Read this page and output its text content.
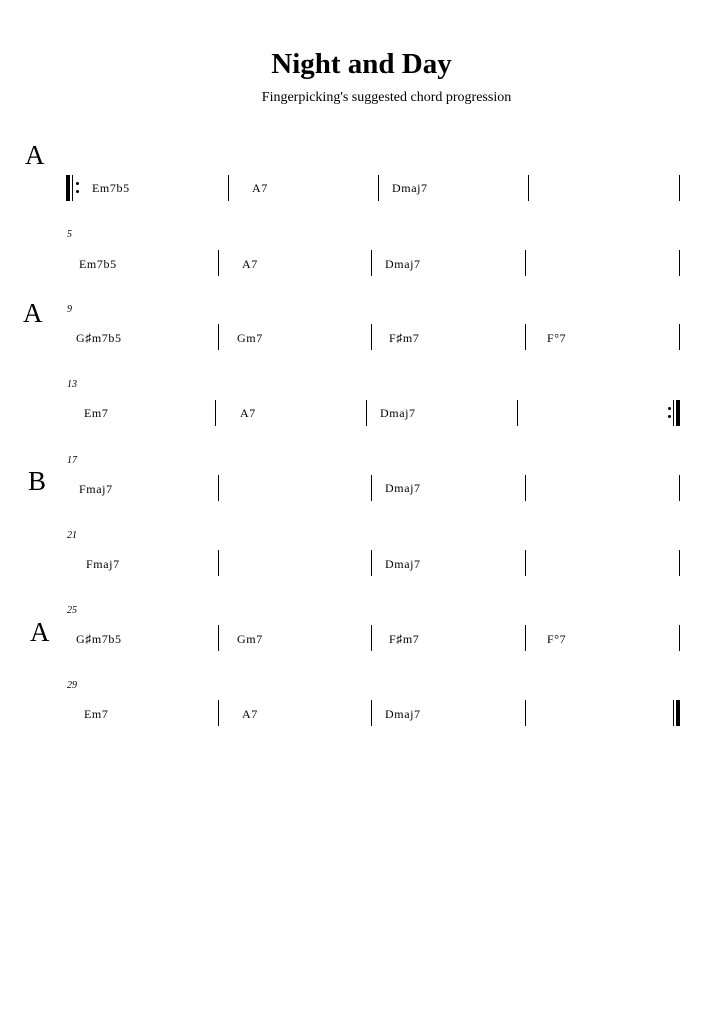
Night and Day
Fingerpicking's suggested chord progression
A
A
B
A
Em7b5	A7	Dmaj7
5
Em7b5	A7	Dmaj7
9
G♯m7b5	Gm7	F♯m7	F°7
13
Em7	A7	Dmaj7
17
Fmaj7	Dmaj7
21
Fmaj7	Dmaj7
25
G♯m7b5	Gm7	F♯m7	F°7
29
Em7	A7	Dmaj7
